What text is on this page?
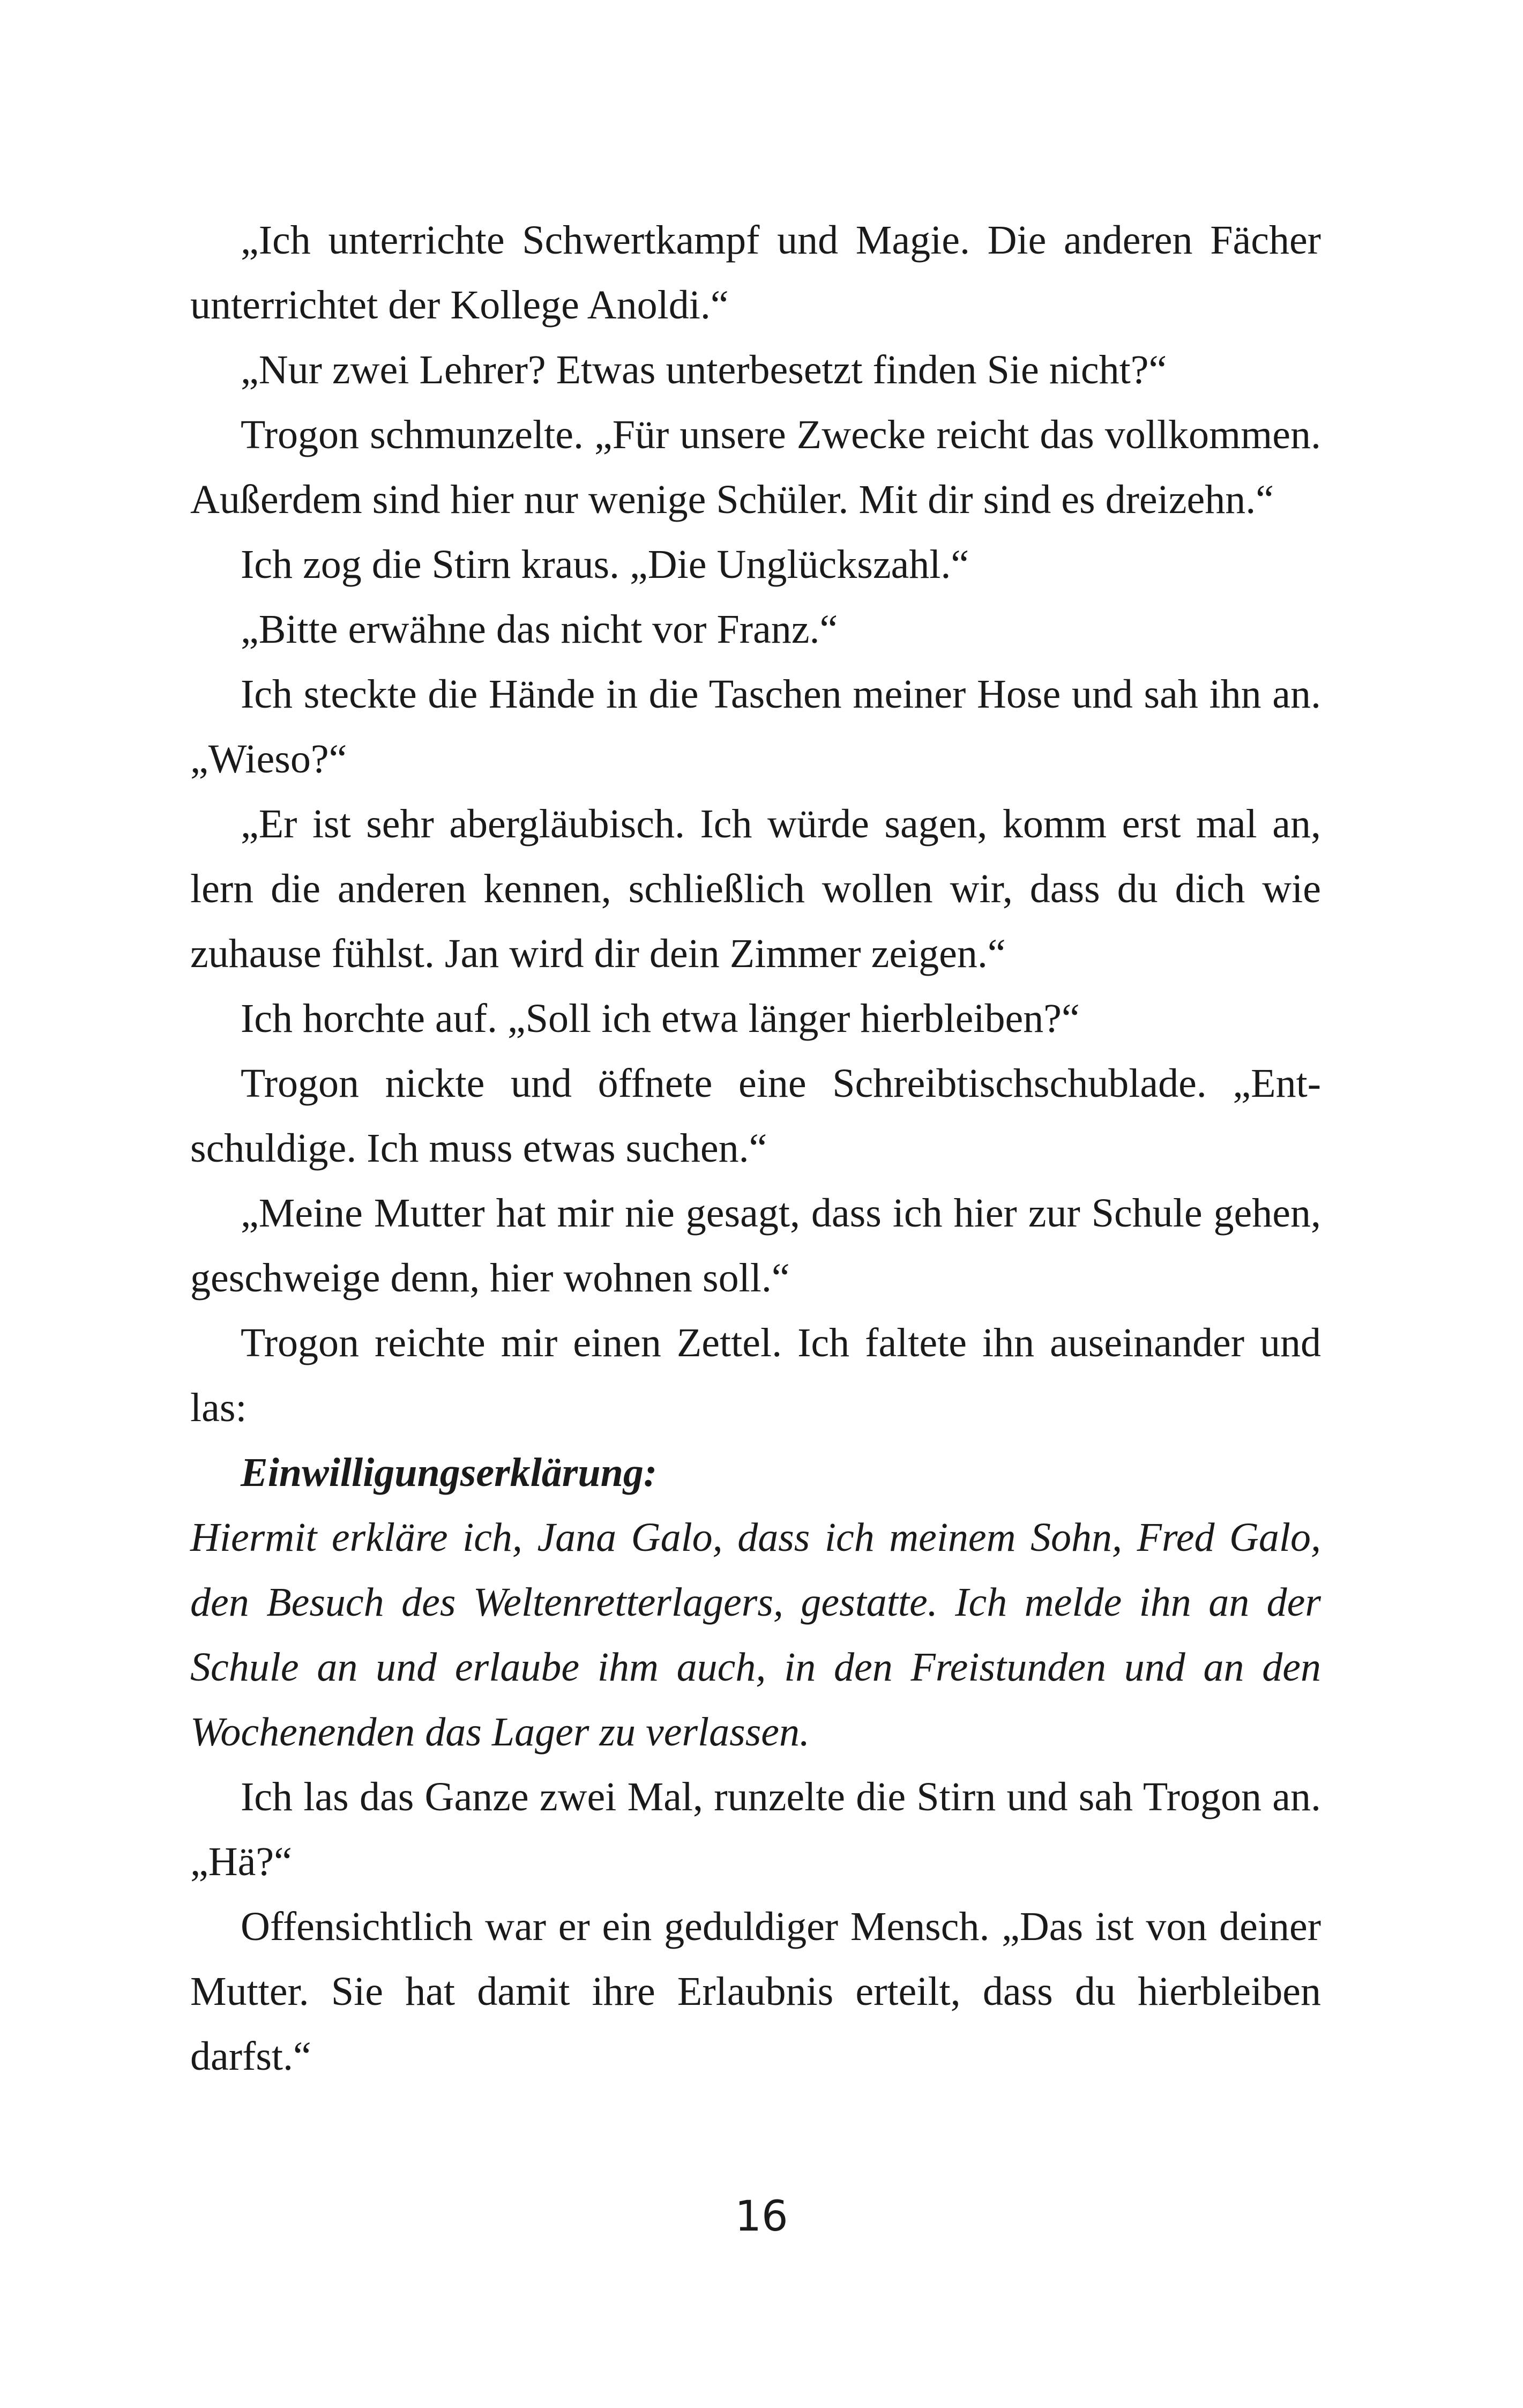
„Ich unterrichte Schwertkampf und Magie. Die anderen Fächer unterrichtet der Kollege Anoldi.“

„Nur zwei Lehrer? Etwas unterbesetzt finden Sie nicht?“

Trogon schmunzelte. „Für unsere Zwecke reicht das vollkommen. Außerdem sind hier nur wenige Schüler. Mit dir sind es dreizehn.“

Ich zog die Stirn kraus. „Die Unglückszahl.“

„Bitte erwähne das nicht vor Franz.“

Ich steckte die Hände in die Taschen meiner Hose und sah ihn an. „Wieso?“

„Er ist sehr abergläubisch. Ich würde sagen, komm erst mal an, lern die anderen kennen, schließlich wollen wir, dass du dich wie zuhause fühlst. Jan wird dir dein Zimmer zeigen.“

Ich horchte auf. „Soll ich etwa länger hierbleiben?“

Trogon nickte und öffnete eine Schreibtischschublade. „Entschuldige. Ich muss etwas suchen.“

„Meine Mutter hat mir nie gesagt, dass ich hier zur Schule gehen, geschweige denn, hier wohnen soll.“

Trogon reichte mir einen Zettel. Ich faltete ihn auseinander und las:

Einwilligungserklärung:

Hiermit erkläre ich, Jana Galo, dass ich meinem Sohn, Fred Galo, den Besuch des Weltenretterlagers, gestatte. Ich melde ihn an der Schule an und erlaube ihm auch, in den Freistunden und an den Wochenenden das Lager zu verlassen.

Ich las das Ganze zwei Mal, runzelte die Stirn und sah Trogon an. „Hä?“

Offensichtlich war er ein geduldiger Mensch. „Das ist von deiner Mutter. Sie hat damit ihre Erlaubnis erteilt, dass du hierbleiben darfst.“

16
